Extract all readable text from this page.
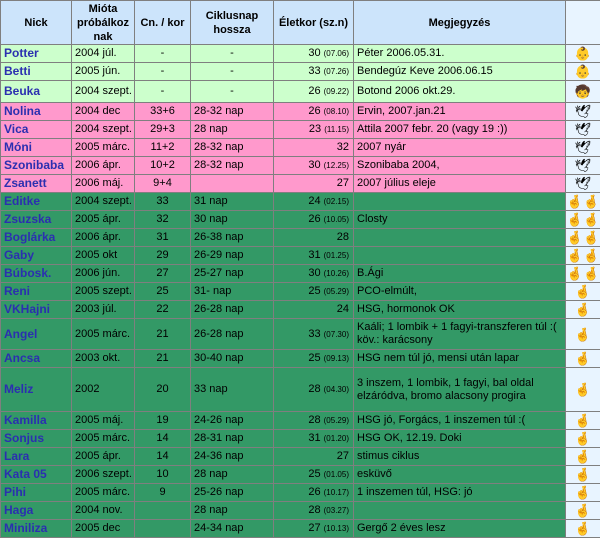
Nick	Mióta próbálkoz nak	Cn. / kor	Ciklusnap hossza	Életkor (sz.n)	Megjegyzés	
Potter	2004 júl.	-	-	30 (07.06)	Péter 2006.05.31.	👶
Betti	2005 jún.	-	-	33 (07.26)	Bendegúz Keve 2006.06.15	👶
Beuka	2004 szept.	-	-	26 (09.22)	Botond 2006 okt.29.	🧒
Nolina	2004 dec	33+6	28-32 nap	26 (08.10)	Ervin, 2007.jan.21	🕊
Vica	2004 szept.	29+3	28 nap	23 (11.15)	Attila 2007 febr. 20 (vagy 19 :))	🕊
Móni	2005 márc.	11+2	28-32 nap	32	2007 nyár	🕊
Szonibaba	2006 ápr.	10+2	28-32 nap	30 (12.25)	Szonibaba 2004,	🕊
Zsanett	2006 máj.	9+4		27	2007 július eleje	🕊
Editke	2004 szept.	33	31 nap	24 (02.15)		🤞🤞
Zsuzska	2005 ápr.	32	30 nap	26 (10.05)	Closty	🤞🤞
Boglárka	2006 ápr.	31	26-38 nap	28		🤞🤞
Gaby	2005 okt	29	26-29 nap	31 (01.25)		🤞🤞
Búbosk.	2006 jún.	27	25-27 nap	30 (10.26)	B.Ági	🤞🤞
Reni	2005 szept.	25	31- nap	25 (05.29)	PCO-elmúlt,	🤞
VKHajni	2003 júl.	22	26-28 nap	24	HSG, hormonok OK	🤞
Angel	2005 márc.	21	26-28 nap	33 (07.30)	Kaáli; 1 lombik + 1 fagyi-transzferen túl :( köv.: karácsony	🤞
Ancsa	2003 okt.	21	30-40 nap	25 (09.13)	HSG nem túl jó, mensi után lapar	🤞
Meliz	2002	20	33 nap	28 (04.30)	3 inszem, 1 lombik, 1 fagyi, bal oldal elzáródva, bromo alacsony progira	🤞
Kamilla	2005 máj.	19	24-26 nap	28 (05.29)	HSG jó, Forgács, 1 inszemen túl :(	🤞
Sonjus	2005 márc.	14	28-31 nap	31 (01.20)	HSG OK, 12.19. Doki	🤞
Lara	2005 ápr.	14	24-36 nap	27	stimus ciklus	🤞
Kata 05	2006 szept.	10	28 nap	25 (01.05)	esküvő	🤞
Pihi	2005 márc.	9	25-26 nap	26 (10.17)	1 inszemen túl, HSG: jó	🤞
Haga	2004 nov.		28 nap	28 (03.27)		🤞
Miniliza	2005 dec		24-34 nap	27 (10.13)	Gergő 2 éves lesz	🤞
